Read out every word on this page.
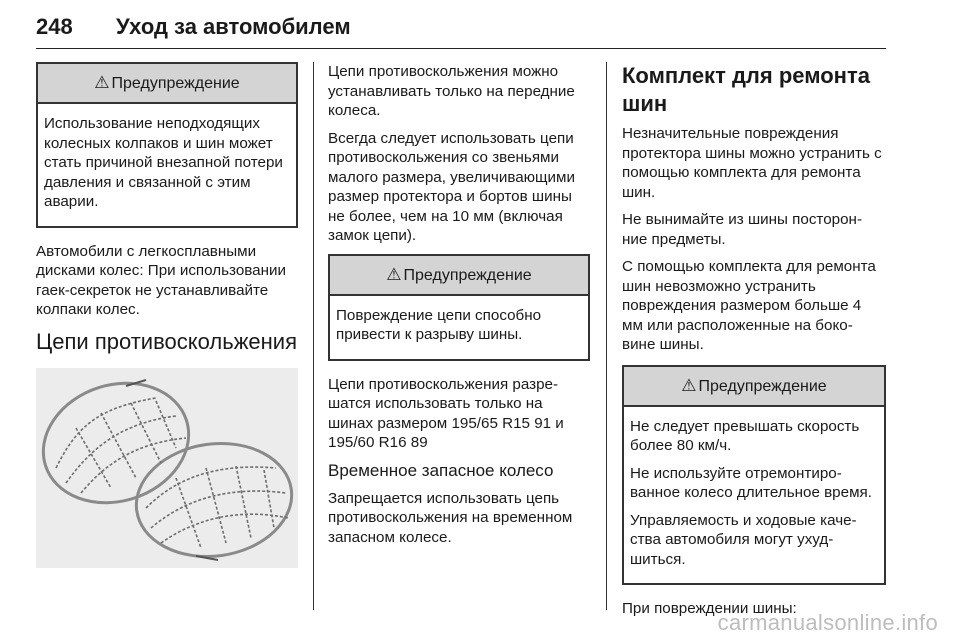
248 Уход за автомобилем
⚠ Предупреждение

Использование неподходящих колесных колпаков и шин может стать причиной внезапной потери давления и связанной с этим аварии.

Автомобили с легкосплавными дисками колес: При использовании гаек-секреток не устанавливайте колпаки колес.

Цепи противоскольжения

Цепи противоскольжения можно устанавливать только на передние колеса.

Всегда следует использовать цепи противоскольжения со звеньями малого размера, увеличивающими размер протектора и бортов шины не более, чем на 10 мм (включая замок цепи).

⚠ Предупреждение

Повреждение цепи способно привести к разрыву шины.

Цепи противоскольжения разре-шатся использовать только на шинах размером 195/65 R15 91 и 195/60 R16 89

Временное запасное колесо

Запрещается использовать цепь противоскольжения на временном запасном колесе.

Комплект для ремонта шин

Незначительные повреждения протектора шины можно устранить с помощью комплекта для ремонта шин.

Не вынимайте из шины посторон-ние предметы.

С помощью комплекта для ремонта шин невозможно устранить повреждения размером больше 4 мм или расположенные на боко-вине шины.

⚠ Предупреждение

Не следует превышать скорость более 80 км/ч.

Не используйте отремонтиро-ванное колесо длительное время.

Управляемость и ходовые каче-ства автомобиля могут ухуд-шиться.

При повреждении шины:

carmanualsonline.info
